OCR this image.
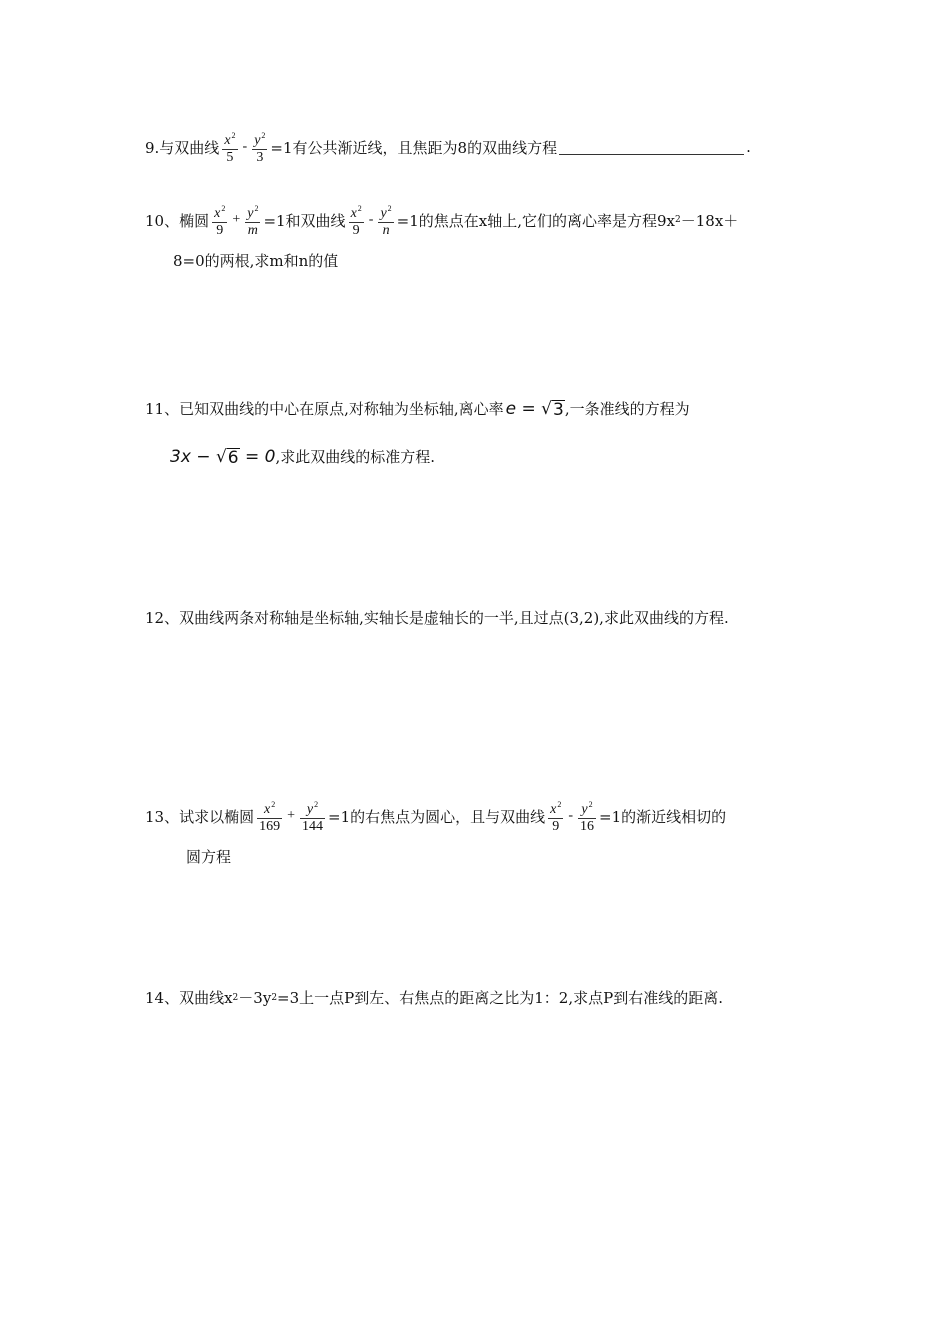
9.与双曲线 $\frac{x^2}{5} - \frac{y^2}{3} =1$有公共渐近线，且焦距为8的双曲线方程	.
10、椭圆 $\frac{x^2}{9} + \frac{y^2}{m} =1$和双曲线 $\frac{x^2}{9} - \frac{y^2}{n} =1$的焦点在x轴上,它们的离心率是方程9x 2 －18x＋
8=0的两根,求m和n的值
11、已知双曲线的中心在原点,对称轴为坐标轴,离心率 e = √ 3 ,一条准线的方程为
3x − √ 6 = 0 ,求此双曲线的标准方程.
12、双曲线两条对称轴是坐标轴,实轴长是虚轴长的一半,且过点(3,2),求此双曲线的方程.
13、试求以椭圆 $\frac{x^2}{169} + \frac{y^2}{144} =1$的右焦点为圆心，且与双曲线 $\frac{x^2}{9} - \frac{y^2}{16} =1$的渐近线相切的
圆方程
14、双曲线x 2 －3y 2 =3上一点P到左、右焦点的距离之比为1：2,求点P到右准线的距离.
